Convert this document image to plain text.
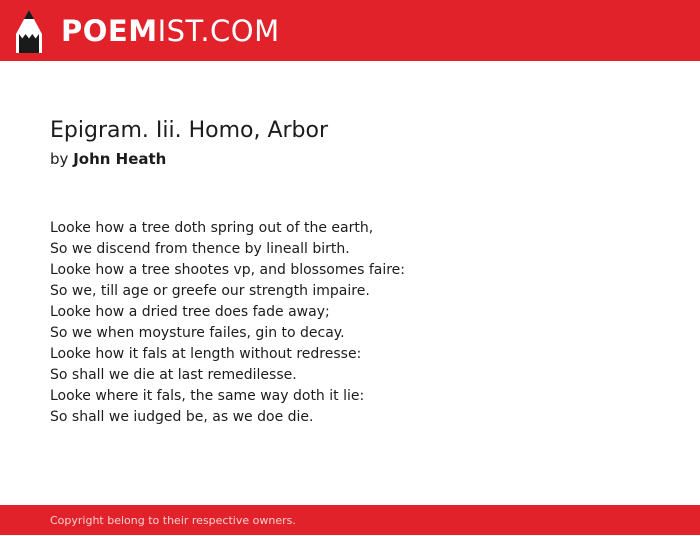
POEMIST.COM
Epigram. Iii. Homo, Arbor
by John Heath
Looke how a tree doth spring out of the earth,
So we discend from thence by lineall birth.
Looke how a tree shootes vp, and blossomes faire:
So we, till age or greefe our strength impaire.
Looke how a dried tree does fade away;
So we when moysture failes, gin to decay.
Looke how it fals at length without redresse:
So shall we die at last remedilesse.
Looke where it fals, the same way doth it lie:
So shall we iudged be, as we doe die.
Copyright belong to their respective owners.
